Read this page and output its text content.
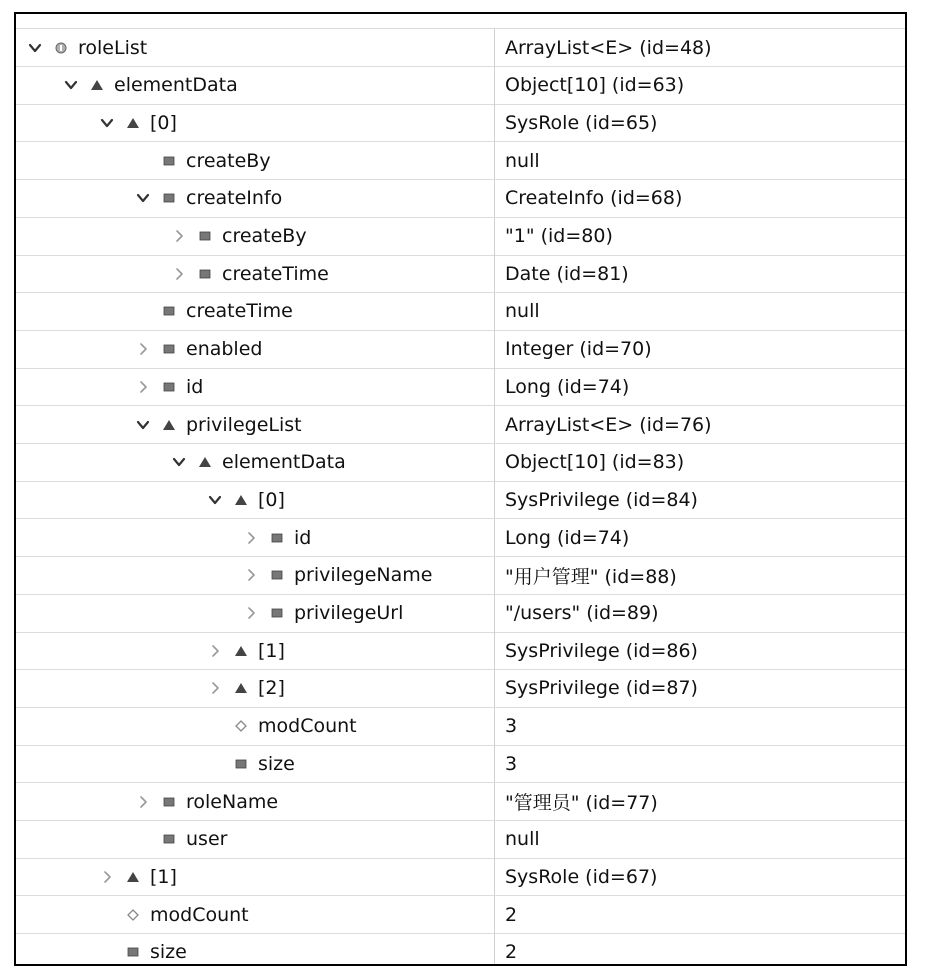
roleList	ArrayList<E> (id=48)
elementData	Object[10] (id=63)
[0]	SysRole (id=65)
createBy	null
createInfo	CreateInfo (id=68)
createBy	"1" (id=80)
createTime	Date (id=81)
createTime	null
enabled	Integer (id=70)
id	Long (id=74)
privilegeList	ArrayList<E> (id=76)
elementData	Object[10] (id=83)
[0]	SysPrivilege (id=84)
id	Long (id=74)
privilegeName	"用户管理" (id=88)
privilegeUrl	"/users" (id=89)
[1]	SysPrivilege (id=86)
[2]	SysPrivilege (id=87)
modCount	3
size	3
roleName	"管理员" (id=77)
user	null
[1]	SysRole (id=67)
modCount	2
size	2
